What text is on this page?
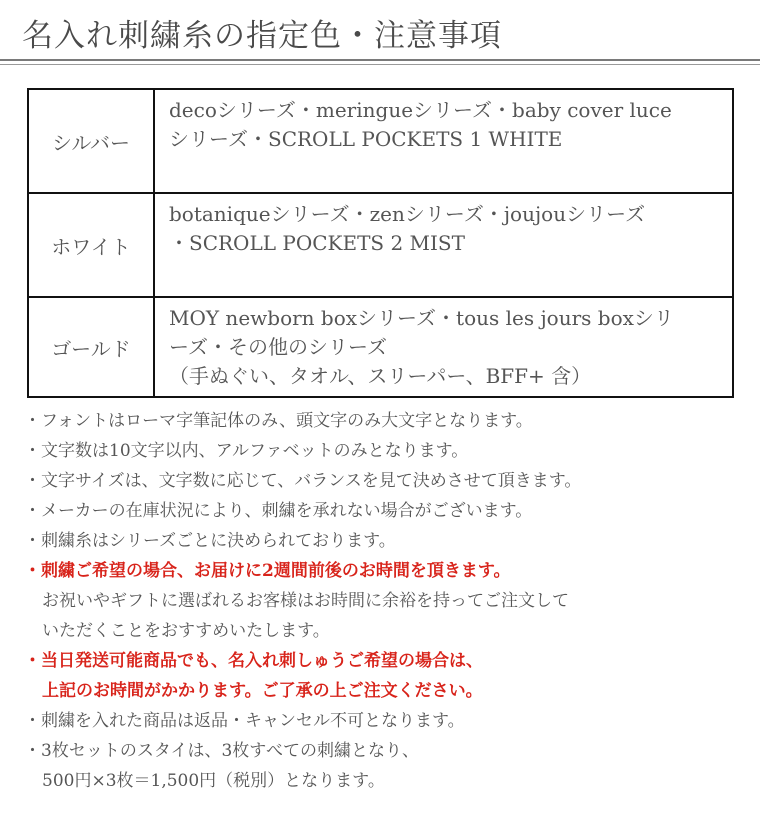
名入れ刺繍糸の指定色・注意事項
シルバー	decoシリーズ・meringueシリーズ・baby cover luce
シリーズ・SCROLL POCKETS 1 WHITE

ホワイト	botaniqueシリーズ・zenシリーズ・joujouシリーズ
・SCROLL POCKETS 2 MIST

ゴールド	MOY newborn boxシリーズ・tous les jours boxシリ
ーズ・その他のシリーズ
（手ぬぐい、タオル、スリーパー、BFF+ 含）
・フォントはローマ字筆記体のみ、頭文字のみ大文字となります。
・文字数は10文字以内、アルファベットのみとなります。
・文字サイズは、文字数に応じて、バランスを見て決めさせて頂きます。
・メーカーの在庫状況により、刺繍を承れない場合がございます。
・刺繍糸はシリーズごとに決められております。
・刺繍ご希望の場合、お届けに2週間前後のお時間を頂きます。
お祝いやギフトに選ばれるお客様はお時間に余裕を持ってご注文して
いただくことをおすすめいたします。
・当日発送可能商品でも、名入れ刺しゅうご希望の場合は、
上記のお時間がかかります。ご了承の上ご注文ください。
・刺繍を入れた商品は返品・キャンセル不可となります。
・3枚セットのスタイは、3枚すべての刺繍となり、
500円×3枚＝1,500円（税別）となります。
